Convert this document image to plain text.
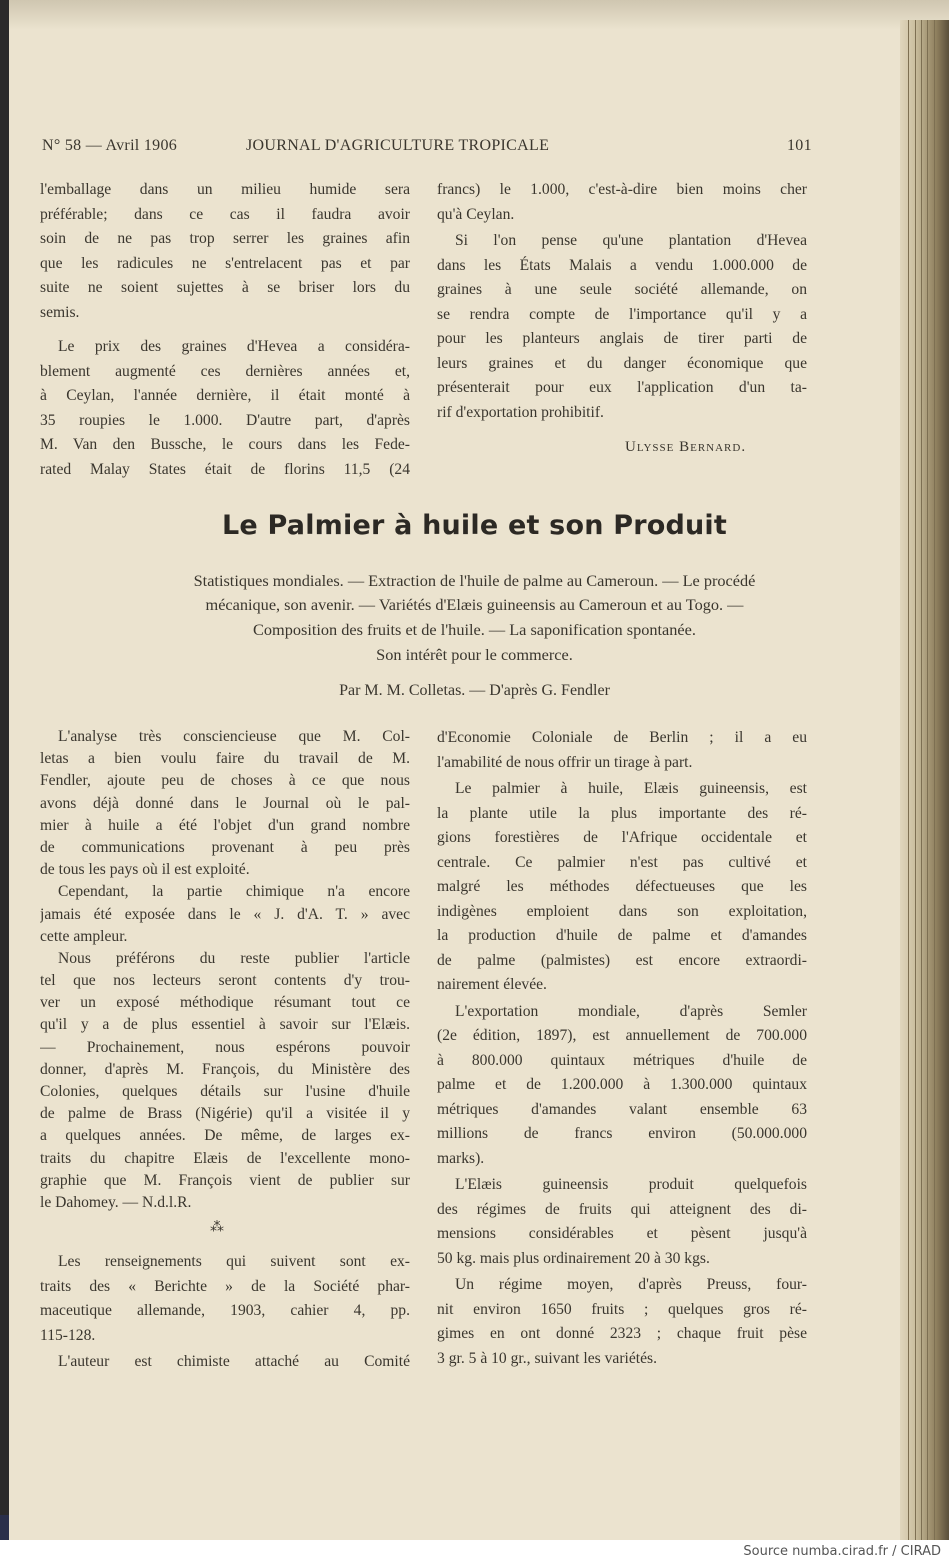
N° 58 — Avril 1906	JOURNAL D'AGRICULTURE TROPICALE	101
l'emballage dans un milieu humide sera
préférable; dans ce cas il faudra avoir
soin de ne pas trop serrer les graines afin
que les radicules ne s'entrelacent pas et par
suite ne soient sujettes à se briser lors du
semis.
Le prix des graines d'Hevea a considéra-
blement augmenté ces dernières années et,
à Ceylan, l'année dernière, il était monté à
35 roupies le 1.000. D'autre part, d'après
M. Van den Bussche, le cours dans les Fede-
rated Malay States était de florins 11,5 (24
francs) le 1.000, c'est-à-dire bien moins cher
qu'à Ceylan.
Si l'on pense qu'une plantation d'Hevea
dans les États Malais a vendu 1.000.000 de
graines à une seule société allemande, on
se rendra compte de l'importance qu'il y a
pour les planteurs anglais de tirer parti de
leurs graines et du danger économique que
présenterait pour eux l'application d'un ta-
rif d'exportation prohibitif.
Ulysse Bernard.
Le Palmier à huile et son Produit
Statistiques mondiales. — Extraction de l'huile de palme au Cameroun. — Le procédé
mécanique, son avenir. — Variétés d'Elæis guineensis au Cameroun et au Togo. —
Composition des fruits et de l'huile. — La saponification spontanée.
Son intérêt pour le commerce.
Par M. M. Colletas. — D'après G. Fendler
L'analyse très consciencieuse que M. Col-
letas a bien voulu faire du travail de M.
Fendler, ajoute peu de choses à ce que nous
avons déjà donné dans le Journal où le pal-
mier à huile a été l'objet d'un grand nombre
de communications provenant à peu près
de tous les pays où il est exploité.
Cependant, la partie chimique n'a encore
jamais été exposée dans le « J. d'A. T. » avec
cette ampleur.
Nous préférons du reste publier l'article
tel que nos lecteurs seront contents d'y trou-
ver un exposé méthodique résumant tout ce
qu'il y a de plus essentiel à savoir sur l'Elæis.
— Prochainement, nous espérons pouvoir
donner, d'après M. François, du Ministère des
Colonies, quelques détails sur l'usine d'huile
de palme de Brass (Nigérie) qu'il a visitée il y
a quelques années. De même, de larges ex-
traits du chapitre Elæis de l'excellente mono-
graphie que M. François vient de publier sur
le Dahomey. — N.d.l.R.
⁂
Les renseignements qui suivent sont ex-
traits des « Berichte » de la Société phar-
maceutique allemande, 1903, cahier 4, pp.
115-128.
L'auteur est chimiste attaché au Comité
d'Economie Coloniale de Berlin ; il a eu
l'amabilité de nous offrir un tirage à part.
Le palmier à huile, Elæis guineensis, est
la plante utile la plus importante des ré-
gions forestières de l'Afrique occidentale et
centrale. Ce palmier n'est pas cultivé et
malgré les méthodes défectueuses que les
indigènes emploient dans son exploitation,
la production d'huile de palme et d'amandes
de palme (palmistes) est encore extraordi-
nairement élevée.
L'exportation mondiale, d'après Semler
(2e édition, 1897), est annuellement de 700.000
à 800.000 quintaux métriques d'huile de
palme et de 1.200.000 à 1.300.000 quintaux
métriques d'amandes valant ensemble 63
millions de francs environ (50.000.000
marks).
L'Elæis guineensis produit quelquefois
des régimes de fruits qui atteignent des di-
mensions considérables et pèsent jusqu'à
50 kg. mais plus ordinairement 20 à 30 kgs.
Un régime moyen, d'après Preuss, four-
nit environ 1650 fruits ; quelques gros ré-
gimes en ont donné 2323 ; chaque fruit pèse
3 gr. 5 à 10 gr., suivant les variétés.
Source numba.cirad.fr / CIRAD
